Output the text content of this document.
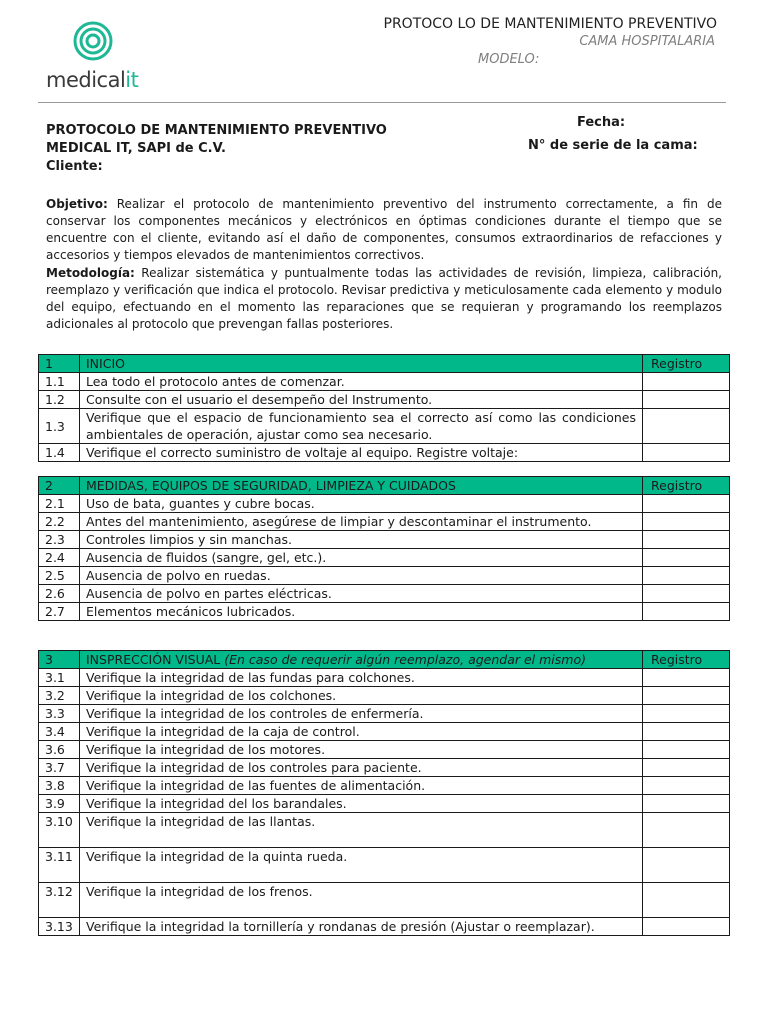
medicalit
PROTOCO LO DE MANTENIMIENTO PREVENTIVO
CAMA HOSPITALARIA
MODELO:
PROTOCOLO DE MANTENIMIENTO PREVENTIVO
MEDICAL IT, SAPI de C.V.
Cliente:
Fecha:
N° de serie de la cama:
Objetivo: Realizar el protocolo de mantenimiento preventivo del instrumento correctamente, a fin de conservar los componentes mecánicos y electrónicos en óptimas condiciones durante el tiempo que se encuentre con el cliente, evitando así el daño de componentes, consumos extraordinarios de refacciones y accesorios y tiempos elevados de mantenimientos correctivos.
Metodología: Realizar sistemática y puntualmente todas las actividades de revisión, limpieza, calibración, reemplazo y verificación que indica el protocolo. Revisar predictiva y meticulosamente cada elemento y modulo del equipo, efectuando en el momento las reparaciones que se requieran y programando los reemplazos adicionales al protocolo que prevengan fallas posteriores.
1	INICIO	Registro
1.1	Lea todo el protocolo antes de comenzar.	
1.2	Consulte con el usuario el desempeño del Instrumento.	
1.3	Verifique que el espacio de funcionamiento sea el correcto así como las condiciones ambientales de operación, ajustar como sea necesario.	
1.4	Verifique el correcto suministro de voltaje al equipo. Registre voltaje:	
2	MEDIDAS, EQUIPOS DE SEGURIDAD, LIMPIEZA Y CUIDADOS	Registro
2.1	Uso de bata, guantes y cubre bocas.	
2.2	Antes del mantenimiento, asegúrese de limpiar y descontaminar el instrumento.	
2.3	Controles limpios y sin manchas.	
2.4	Ausencia de fluidos (sangre, gel, etc.).	
2.5	Ausencia de polvo en ruedas.	
2.6	Ausencia de polvo en partes eléctricas.	
2.7	Elementos mecánicos lubricados.	
3	INSPRECCIÓN VISUAL (En caso de requerir algún reemplazo, agendar el mismo)	Registro
3.1	Verifique la integridad de las fundas para colchones.	
3.2	Verifique la integridad de los colchones.	
3.3	Verifique la integridad de los controles de enfermería.	
3.4	Verifique la integridad de la caja de control.	
3.6	Verifique la integridad de los motores.	
3.7	Verifique la integridad de los controles para paciente.	
3.8	Verifique la integridad de las fuentes de alimentación.	
3.9	Verifique la integridad del los barandales.	
3.10	Verifique la integridad de las llantas.	
3.11	Verifique la integridad de la quinta rueda.	
3.12	Verifique la integridad de los frenos.	
3.13	Verifique la integridad la tornillería y rondanas de presión (Ajustar o reemplazar).	
